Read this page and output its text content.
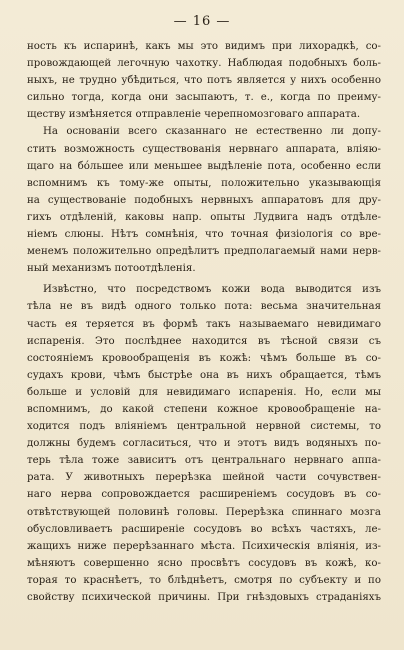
— 16 —
ность къ испаринѣ, какъ мы это видимъ при лихорадкѣ, со-
провождающей легочную чахотку. Наблюдая подобныхъ боль-
ныхъ, не трудно убѣдиться, что потъ является у нихъ особенно
сильно тогда, когда они засыпаютъ, т. е., когда по преиму-
ществу измѣняется отправленіе черепномозговаго аппарата.
На основаніи всего сказаннаго не естественно ли допу-
стить возможность существованія нервнаго аппарата, вліяю-
щаго на бо́льшее или меньшее выдѣленіе пота, особенно если
вспомнимъ къ тому-же опыты, положительно указывающія
на существованіе подобныхъ нервныхъ аппаратовъ для дру-
гихъ отдѣленій, каковы напр. опыты Лудвига надъ отдѣле-
ніемъ слюны. Нѣтъ сомнѣнія, что точная физіологія со вре-
менемъ положительно опредѣлитъ предполагаемый нами нерв-
ный механизмъ потоотдѣленія.
Извѣстно, что посредствомъ кожи вода выводится изъ
тѣла не въ видѣ одного только пота: весьма значительная
часть ея теряется въ формѣ такъ называемаго невидимаго
испаренія. Это послѣднее находится въ тѣсной связи съ
состояніемъ кровообращенія въ кожѣ: чѣмъ больше въ со-
судахъ крови, чѣмъ быстрѣе она въ нихъ обращается, тѣмъ
больше и условій для невидимаго испаренія. Но, если мы
вспомнимъ, до какой степени кожное кровообращеніе на-
ходится подъ вліяніемъ центральной нервной системы, то
должны будемъ согласиться, что и этотъ видъ водяныхъ по-
терь тѣла тоже зависитъ отъ центральнаго нервнаго аппа-
рата. У животныхъ перерѣзка шейной части сочувствен-
наго нерва сопровождается расширеніемъ сосудовъ въ со-
отвѣтствующей половинѣ головы. Перерѣзка спиннаго мозга
обусловливаетъ расширеніе сосудовъ во всѣхъ частяхъ, ле-
жащихъ ниже перерѣзаннаго мѣста. Психическія вліянія, из-
мѣняютъ совершенно ясно просвѣтъ сосудовъ въ кожѣ, ко-
торая то краснѣетъ, то блѣднѣетъ, смотря по субъекту и по
свойству психической причины. При гнѣздовыхъ страданіяхъ
